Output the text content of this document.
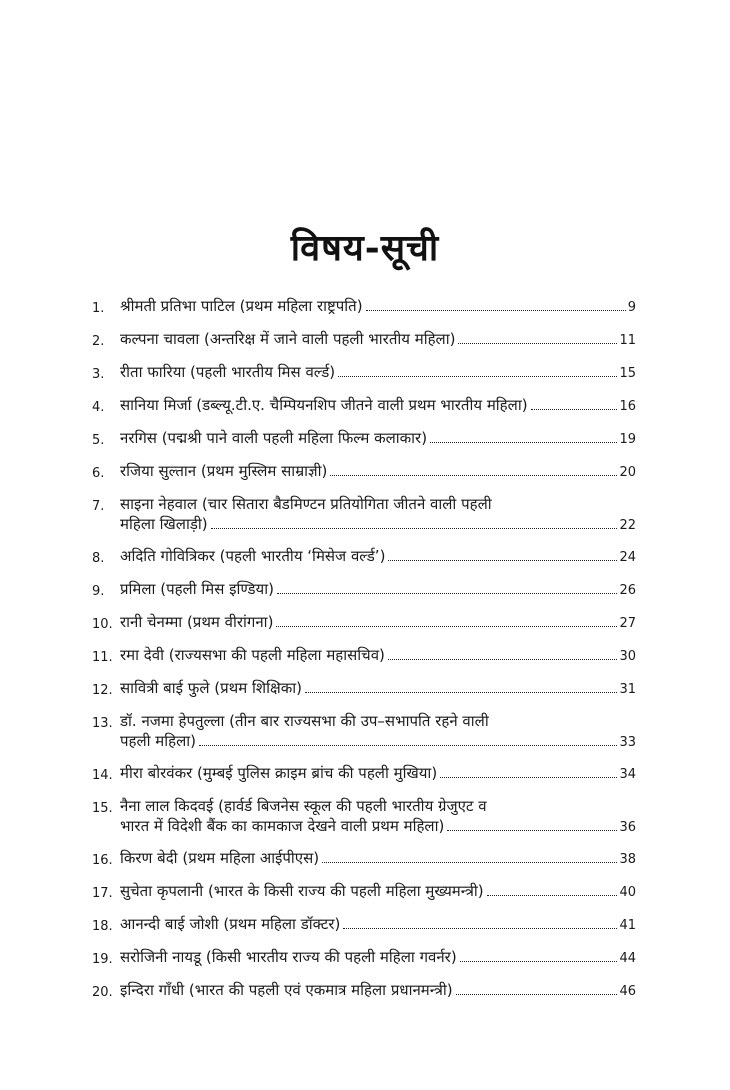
विषय-सूची
1.	श्रीमती प्रतिभा पाटिल (प्रथम महिला राष्ट्रपति)	9
2.	कल्पना चावला (अन्तरिक्ष में जाने वाली पहली भारतीय महिला)	11
3.	रीता फारिया (पहली भारतीय मिस वर्ल्ड)	15
4.	सानिया मिर्जा (डब्ल्यू.टी.ए. चैम्पियनशिप जीतने वाली प्रथम भारतीय महिला)	16
5.	नरगिस (पद्मश्री पाने वाली पहली महिला फिल्म कलाकार)	19
6.	रजिया सुल्तान (प्रथम मुस्लिम साम्राज्ञी)	20
7.	साइना नेहवाल (चार सितारा बैडमिण्टन प्रतियोगिता जीतने वाली पहली
महिला खिलाड़ी)	22
8.	अदिति गोवित्रिकर (पहली भारतीय ‘मिसेज वर्ल्ड’)	24
9.	प्रमिला (पहली मिस इण्डिया)	26
10. रानी चेनम्मा (प्रथम वीरांगना)	27
11. रमा देवी (राज्यसभा की पहली महिला महासचिव)	30
12. सावित्री बाई फुले (प्रथम शिक्षिका)	31
13. डॉ. नजमा हेपतुल्ला (तीन बार राज्यसभा की उप–सभापति रहने वाली
पहली महिला)	33
14. मीरा बोरवंकर (मुम्बई पुलिस क्राइम ब्रांच की पहली मुखिया)	34
15. नैना लाल किदवई (हार्वर्ड बिजनेस स्कूल की पहली भारतीय ग्रेजुएट व
भारत में विदेशी बैंक का कामकाज देखने वाली प्रथम महिला)	36
16. किरण बेदी (प्रथम महिला आईपीएस)	38
17. सुचेता कृपलानी (भारत के किसी राज्य की पहली महिला मुख्यमन्त्री)	40
18. आनन्दी बाई जोशी (प्रथम महिला डॉक्टर)	41
19. सरोजिनी नायडू (किसी भारतीय राज्य की पहली महिला गवर्नर)	44
20. इन्दिरा गाँधी (भारत की पहली एवं एकमात्र महिला प्रधानमन्त्री)	46
